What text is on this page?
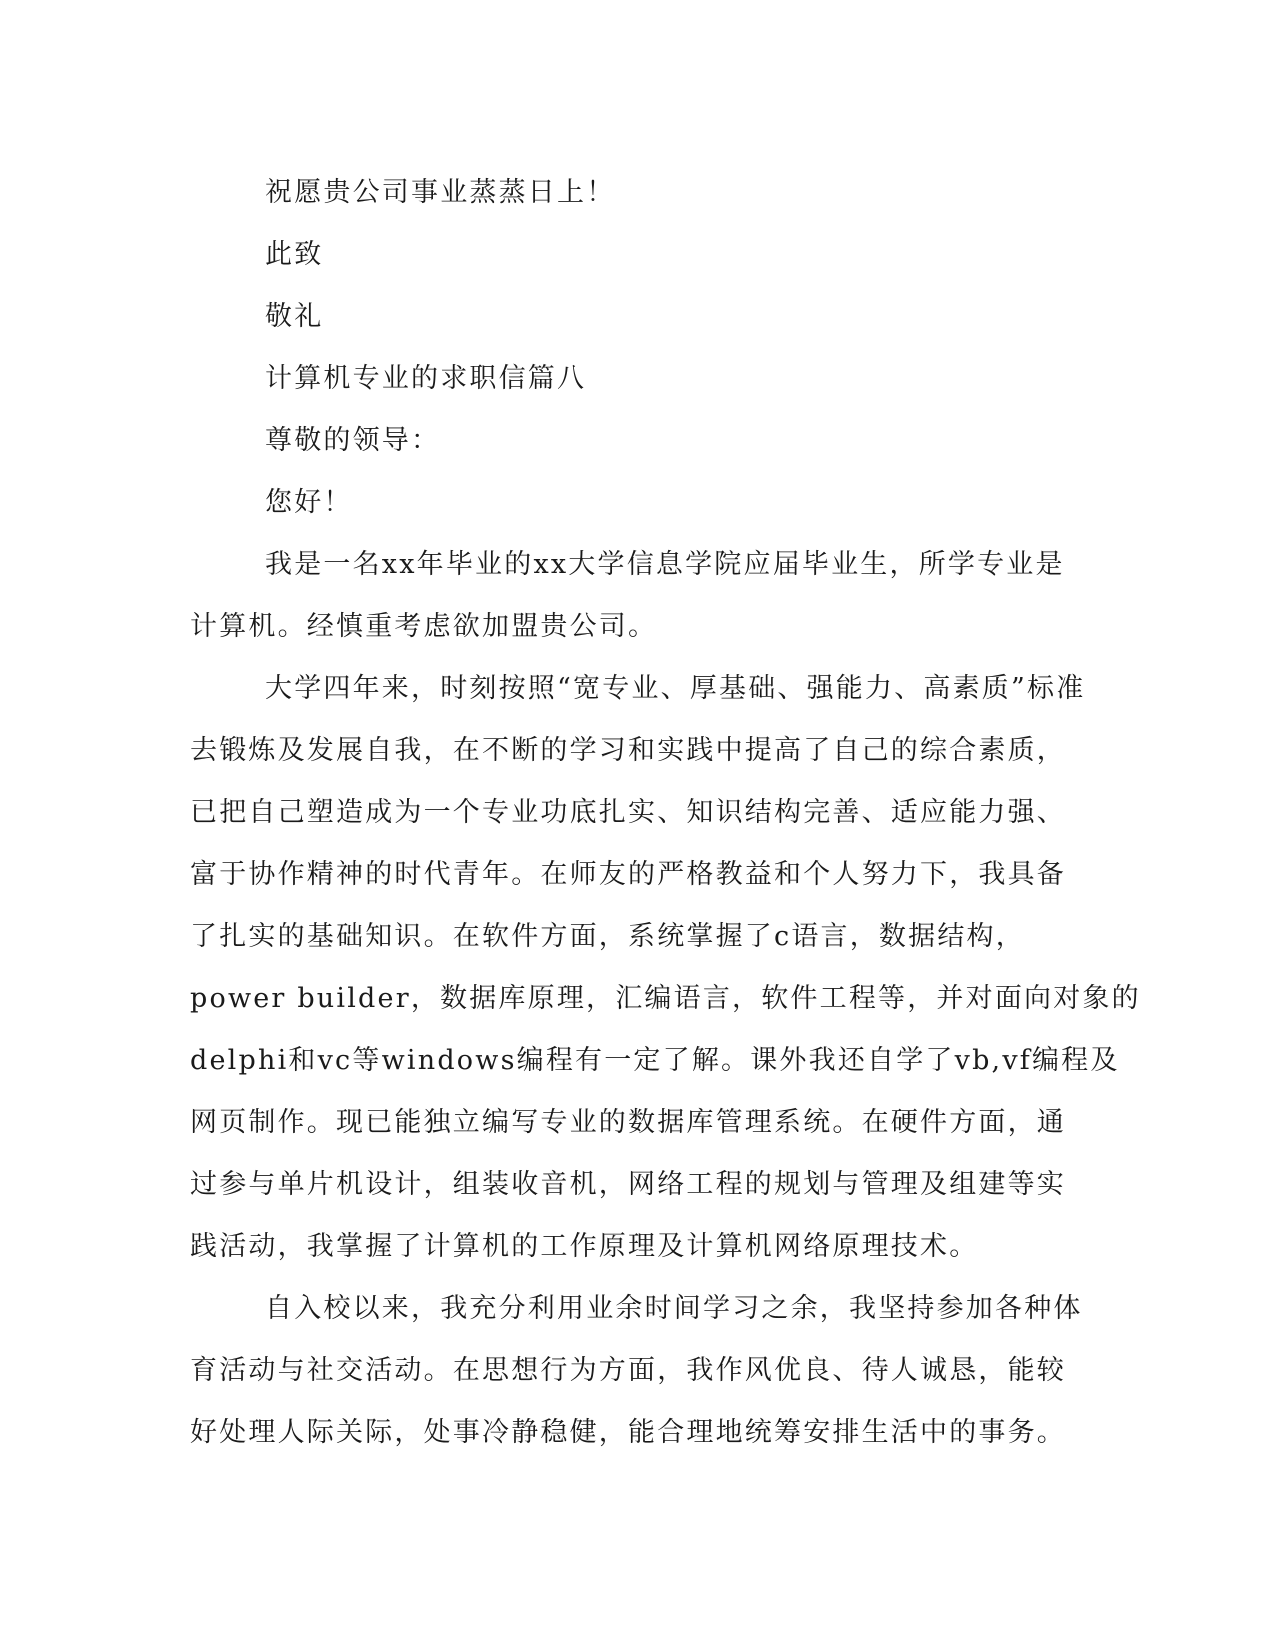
祝愿贵公司事业蒸蒸日上！
此致
敬礼
计算机专业的求职信篇八
尊敬的领导：
您好！
我是一名xx年毕业的xx大学信息学院应届毕业生，所学专业是
计算机。经慎重考虑欲加盟贵公司。
大学四年来，时刻按照“宽专业、厚基础、强能力、高素质”标准
去锻炼及发展自我，在不断的学习和实践中提高了自己的综合素质，
已把自己塑造成为一个专业功底扎实、知识结构完善、适应能力强、
富于协作精神的时代青年。在师友的严格教益和个人努力下，我具备
了扎实的基础知识。在软件方面，系统掌握了c语言，数据结构，
power builder，数据库原理，汇编语言，软件工程等，并对面向对象的
delphi和vc等windows编程有一定了解。课外我还自学了vb,vf编程及
网页制作。现已能独立编写专业的数据库管理系统。在硬件方面，通
过参与单片机设计，组装收音机，网络工程的规划与管理及组建等实
践活动，我掌握了计算机的工作原理及计算机网络原理技术。
自入校以来，我充分利用业余时间学习之余，我坚持参加各种体
育活动与社交活动。在思想行为方面，我作风优良、待人诚恳，能较
好处理人际关际，处事冷静稳健，能合理地统筹安排生活中的事务。
